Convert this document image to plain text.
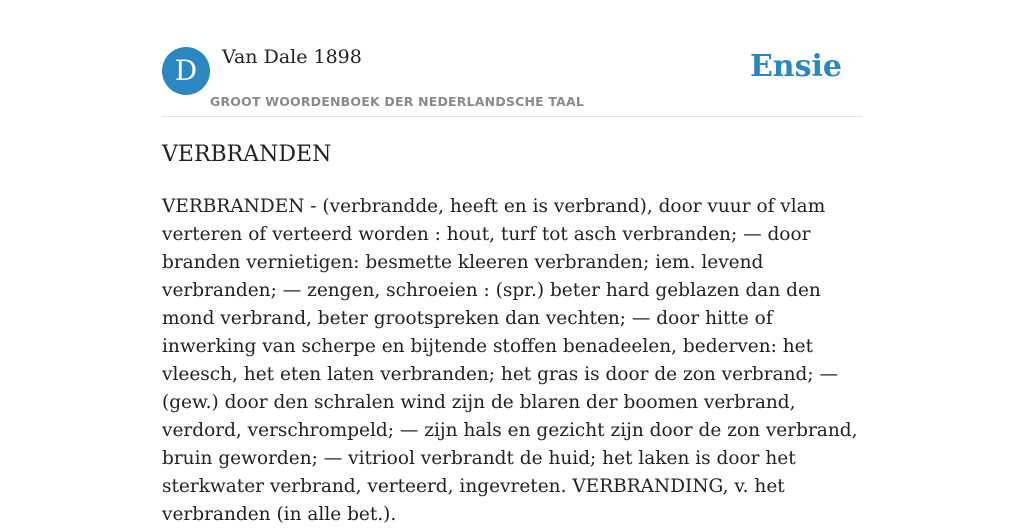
D	Van Dale 1898
GROOT WOORDENBOEK DER NEDERLANDSCHE TAAL
Ensie
VERBRANDEN

VERBRANDEN - (verbrandde, heeft en is verbrand), door vuur of vlam verteren of verteerd worden : hout, turf tot asch verbranden; — door branden vernietigen: besmette kleeren verbranden; iem. levend verbranden; — zengen, schroeien : (spr.) beter hard geblazen dan den mond verbrand, beter grootspreken dan vechten; — door hitte of inwerking van scherpe en bijtende stoffen benadeelen, bederven: het vleesch, het eten laten verbranden; het gras is door de zon verbrand; — (gew.) door den schralen wind zijn de blaren der boomen verbrand, verdord, verschrompeld; — zijn hals en gezicht zijn door de zon verbrand, bruin geworden; — vitriool verbrandt de huid; het laken is door het sterkwater verbrand, verteerd, ingevreten. VERBRANDING, v. het verbranden (in alle bet.).
